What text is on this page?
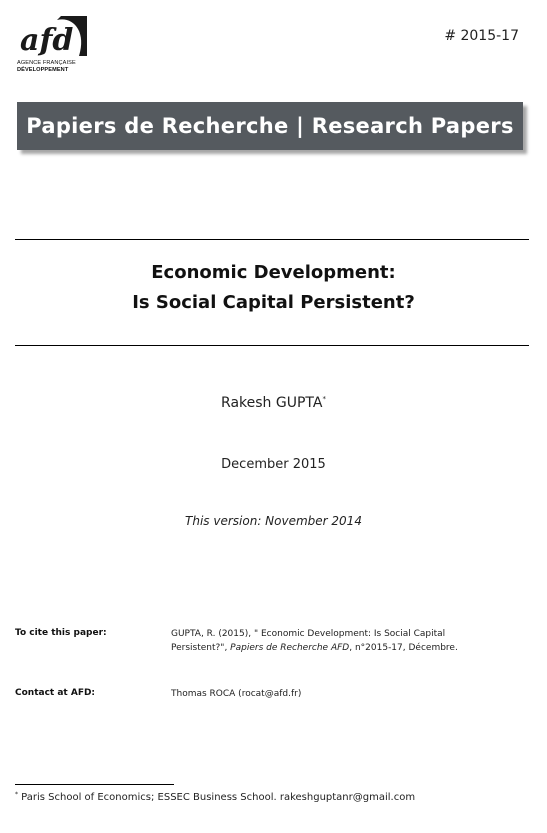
afd
AGENCE FRANÇAISE
DÉVELOPPEMENT
# 2015-17
Papiers de Recherche | Research Papers
Economic Development:
Is Social Capital Persistent?
Rakesh GUPTA*
December 2015
This version: November 2014
To cite this paper:	GUPTA, R. (2015), " Economic Development: Is Social Capital Persistent?", Papiers de Recherche AFD, n°2015-17, Décembre.
Contact at AFD:	Thomas ROCA (rocat@afd.fr)
* Paris School of Economics; ESSEC Business School. rakeshguptanr@gmail.com
